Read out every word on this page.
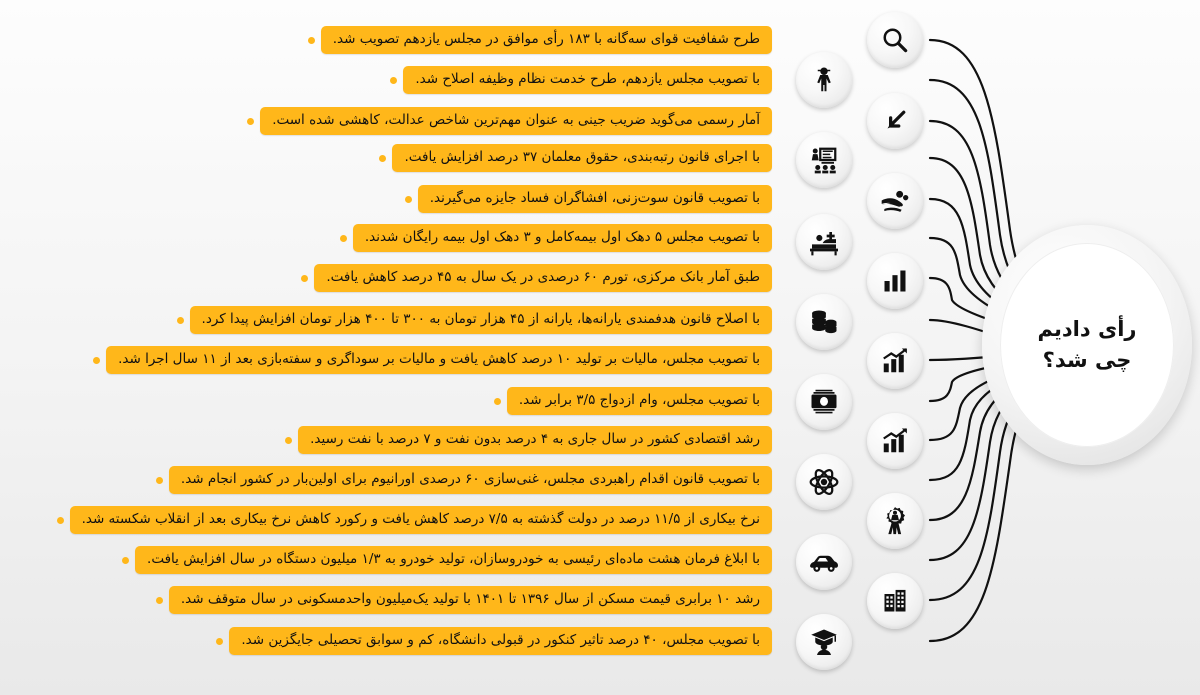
طرح شفافیت قوای سه‌گانه با ۱۸۳ رأی موافق در مجلس یازدهم تصویب شد.
با تصویب مجلس یازدهم، طرح خدمت نظام وظیفه اصلاح شد.
آمار رسمی می‌گوید ضریب جینی به عنوان مهم‌ترین شاخص عدالت، کاهشی شده است.
با اجرای قانون رتبه‌بندی، حقوق معلمان ۳۷ درصد افزایش یافت.
با تصویب قانون سوت‌زنی، افشاگران فساد جایزه می‌گیرند.
با تصویب مجلس ۵ دهک اول بیمه‌کامل و ۳ دهک اول بیمه رایگان شدند.
طبق آمار بانک مرکزی، تورم ۶۰ درصدی در یک سال به ۴۵ درصد کاهش یافت.
با اصلاح قانون هدفمندی یارانه‌ها، یارانه از ۴۵ هزار تومان به ۳۰۰ تا ۴۰۰ هزار تومان افزایش پیدا کرد.
با تصویب مجلس، مالیات بر تولید ۱۰ درصد کاهش یافت و مالیات بر سوداگری و سفته‌بازی بعد از ۱۱ سال اجرا شد.
با تصویب مجلس، وام ازدواج ۳/۵ برابر شد.
رشد اقتصادی کشور در سال جاری به ۴ درصد بدون نفت و ۷ درصد با نفت رسید.
با تصویب قانون اقدام راهبردی مجلس، غنی‌سازی ۶۰ درصدی اورانیوم برای اولین‌بار در کشور انجام شد.
نرخ بیکاری از ۱۱/۵ درصد در دولت گذشته به ۷/۵ درصد کاهش یافت و رکورد کاهش نرخ بیکاری بعد از انقلاب شکسته شد.
با ابلاغ فرمان هشت ماده‌ای رئیسی به خودروسازان، تولید خودرو به ۱/۳ میلیون دستگاه در سال افزایش یافت.
رشد ۱۰ برابری قیمت مسکن از سال ۱۳۹۶ تا ۱۴۰۱ با تولید یک‌میلیون واحدمسکونی در سال متوقف شد.
با تصویب مجلس، ۴۰ درصد تاثیر کنکور در قبولی دانشگاه، کم و سوابق تحصیلی جایگزین شد.
رأی دادیم
چی شد؟
